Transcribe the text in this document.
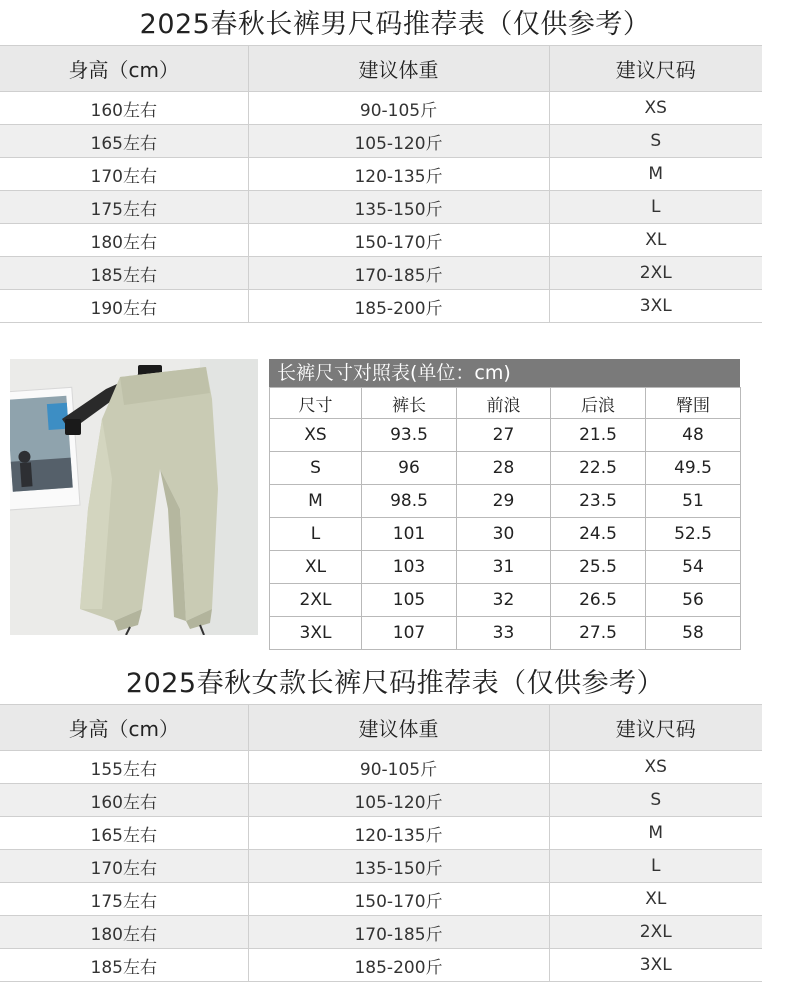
2025春秋长裤男尺码推荐表（仅供参考）
身高（cm）	建议体重	建议尺码
160左右	90-105斤	XS
165左右	105-120斤	S
170左右	120-135斤	M
175左右	135-150斤	L
180左右	150-170斤	XL
185左右	170-185斤	2XL
190左右	185-200斤	3XL
长裤尺寸对照表(单位：cm)
尺寸	裤长	前浪	后浪	臀围
XS	93.5	27	21.5	48
S	96	28	22.5	49.5
M	98.5	29	23.5	51
L	101	30	24.5	52.5
XL	103	31	25.5	54
2XL	105	32	26.5	56
3XL	107	33	27.5	58
2025春秋女款长裤尺码推荐表（仅供参考）
身高（cm）	建议体重	建议尺码
155左右	90-105斤	XS
160左右	105-120斤	S
165左右	120-135斤	M
170左右	135-150斤	L
175左右	150-170斤	XL
180左右	170-185斤	2XL
185左右	185-200斤	3XL
